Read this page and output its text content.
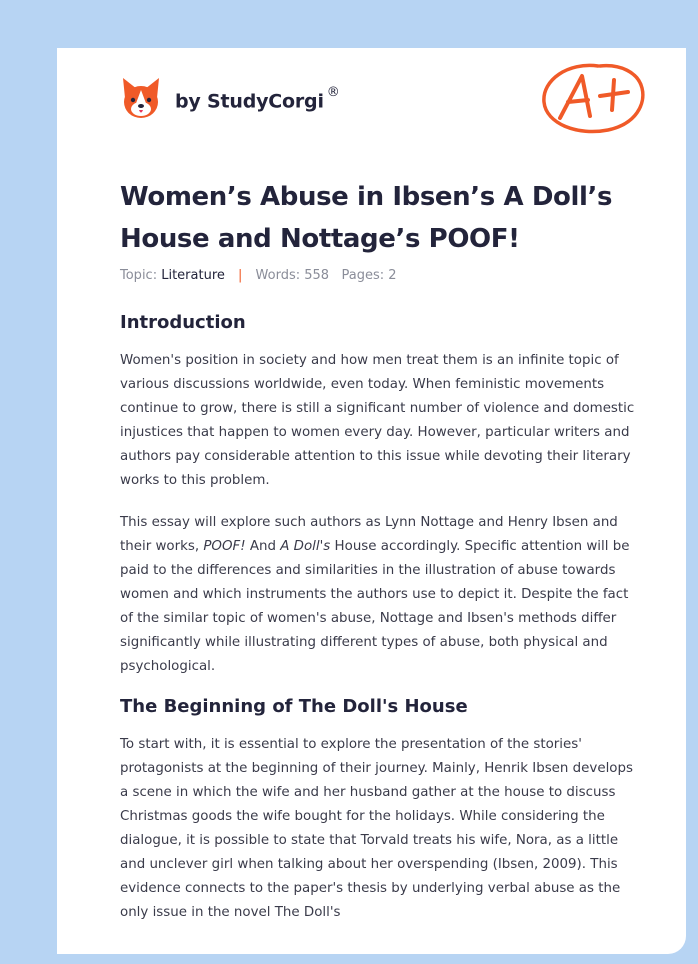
by StudyCorgi ®
Women’s Abuse in Ibsen’s A Doll’s House and Nottage’s POOF!
Topic: Literature | Words: 558 Pages: 2
Introduction

Women's position in society and how men treat them is an infinite topic of various discussions worldwide, even today. When feministic movements continue to grow, there is still a significant number of violence and domestic injustices that happen to women every day. However, particular writers and authors pay considerable attention to this issue while devoting their literary works to this problem.

This essay will explore such authors as Lynn Nottage and Henry Ibsen and their works, POOF! And A Doll's House accordingly. Specific attention will be paid to the differences and similarities in the illustration of abuse towards women and which instruments the authors use to depict it. Despite the fact of the similar topic of women's abuse, Nottage and Ibsen's methods differ significantly while illustrating different types of abuse, both physical and psychological.

The Beginning of The Doll's House

To start with, it is essential to explore the presentation of the stories' protagonists at the beginning of their journey. Mainly, Henrik Ibsen develops a scene in which the wife and her husband gather at the house to discuss Christmas goods the wife bought for the holidays. While considering the dialogue, it is possible to state that Torvald treats his wife, Nora, as a little and unclever girl when talking about her overspending (Ibsen, 2009). This evidence connects to the paper's thesis by underlying verbal abuse as the only issue in the novel The Doll's
